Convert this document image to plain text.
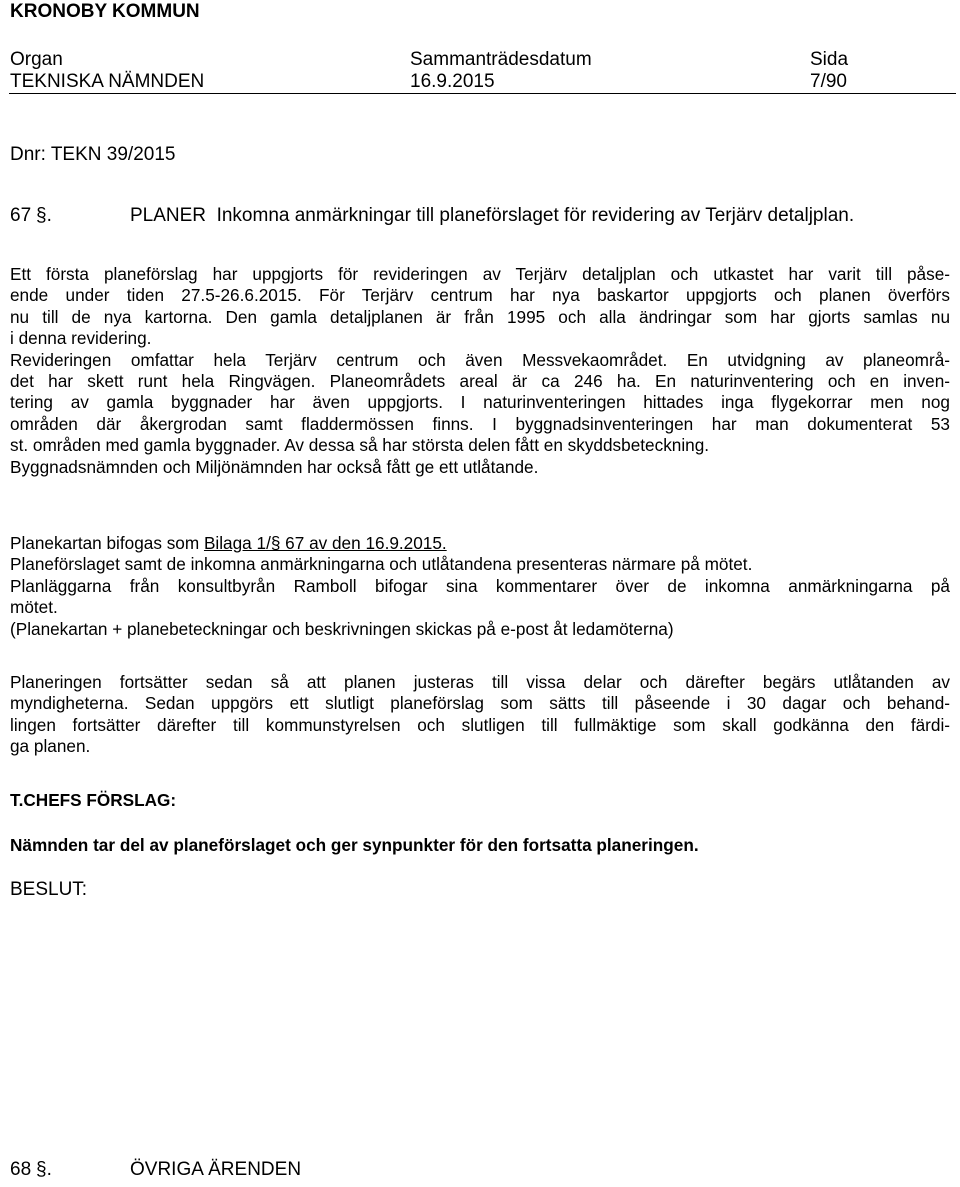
KRONOBY KOMMUN
Organ
TEKNISKA NÄMNDEN
Sammanträdesdatum
16.9.2015
Sida
7/90
Dnr: TEKN 39/2015
67 §.	PLANER  Inkomna anmärkningar till planeförslaget för revidering av Terjärv detaljplan.
Ett första planeförslag har uppgjorts för revideringen av Terjärv detaljplan och utkastet har varit till påse-
ende under tiden 27.5-26.6.2015. För Terjärv centrum har nya baskartor uppgjorts och planen överförs
nu till de nya kartorna. Den gamla detaljplanen är från 1995 och alla ändringar som har gjorts samlas nu
i denna revidering.
Revideringen omfattar hela Terjärv centrum och även Messvekaområdet. En utvidgning av planeområ-
det har skett runt hela Ringvägen. Planeområdets areal är ca 246 ha. En naturinventering och en inven-
tering av gamla byggnader har även uppgjorts. I naturinventeringen hittades inga flygekorrar men nog
områden där åkergrodan samt fladdermössen finns. I byggnadsinventeringen har man dokumenterat 53
st. områden med gamla byggnader. Av dessa så har största delen fått en skyddsbeteckning.
Byggnadsnämnden och Miljönämnden har också fått ge ett utlåtande.
Planekartan bifogas som Bilaga 1/§ 67 av den 16.9.2015.
Planeförslaget samt de inkomna anmärkningarna och utlåtandena presenteras närmare på mötet.
Planläggarna från konsultbyrån Ramboll bifogar sina kommentarer över de inkomna anmärkningarna på
mötet.
(Planekartan + planebeteckningar och beskrivningen skickas på e-post åt ledamöterna)
Planeringen fortsätter sedan så att planen justeras till vissa delar och därefter begärs utlåtanden av
myndigheterna. Sedan uppgörs ett slutligt planeförslag som sätts till påseende i 30 dagar och behand-
lingen fortsätter därefter till kommunstyrelsen och slutligen till fullmäktige som skall godkänna den färdi-
ga planen.
T.CHEFS FÖRSLAG:
Nämnden tar del av planeförslaget och ger synpunkter för den fortsatta planeringen.
BESLUT:
68 §.	ÖVRIGA ÄRENDEN
